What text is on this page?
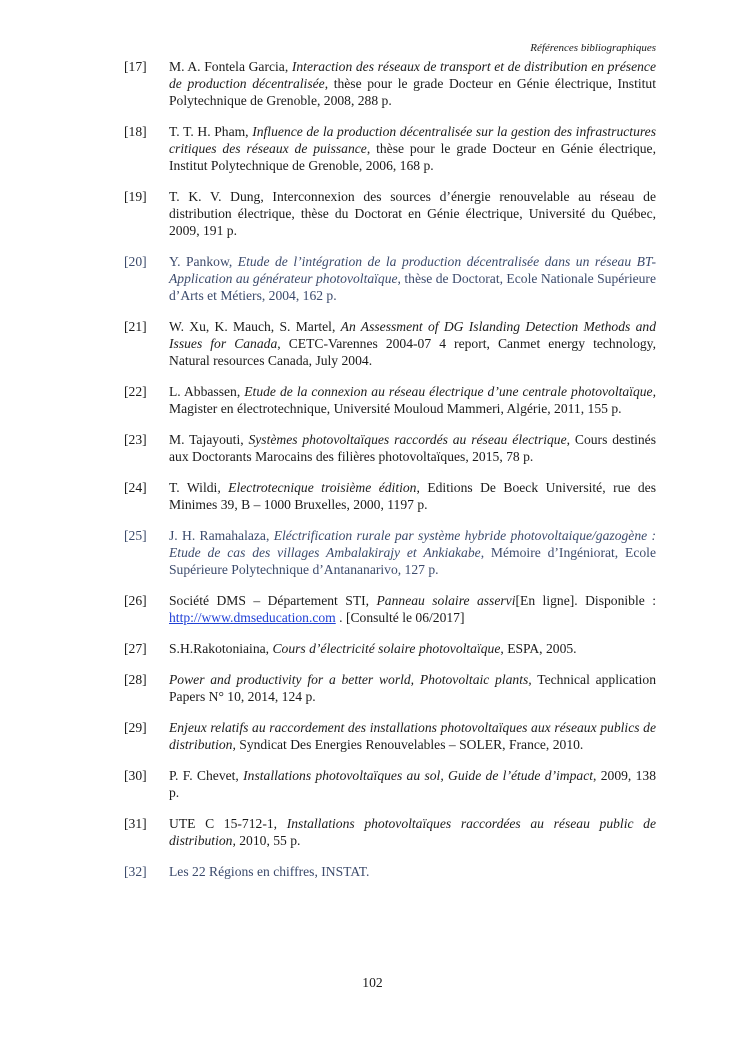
Références bibliographiques
[17] M. A. Fontela Garcia, Interaction des réseaux de transport et de distribution en présence de production décentralisée, thèse pour le grade Docteur en Génie électrique, Institut Polytechnique de Grenoble, 2008, 288 p.
[18] T. T. H. Pham, Influence de la production décentralisée sur la gestion des infrastructures critiques des réseaux de puissance, thèse pour le grade Docteur en Génie électrique, Institut Polytechnique de Grenoble, 2006, 168 p.
[19] T. K. V. Dung, Interconnexion des sources d’énergie renouvelable au réseau de distribution électrique, thèse du Doctorat en Génie électrique, Université du Québec, 2009, 191 p.
[20] Y. Pankow, Etude de l’intégration de la production décentralisée dans un réseau BT-Application au générateur photovoltaïque, thèse de Doctorat, Ecole Nationale Supérieure d’Arts et Métiers, 2004, 162 p.
[21] W. Xu, K. Mauch, S. Martel, An Assessment of DG Islanding Detection Methods and Issues for Canada, CETC-Varennes 2004-07 4 report, Canmet energy technology, Natural resources Canada, July 2004.
[22] L. Abbassen, Etude de la connexion au réseau électrique d’une centrale photovoltaïque, Magister en électrotechnique, Université Mouloud Mammeri, Algérie, 2011, 155 p.
[23] M. Tajayouti, Systèmes photovoltaïques raccordés au réseau électrique, Cours destinés aux Doctorants Marocains des filières photovoltaïques, 2015, 78 p.
[24] T. Wildi, Electrotecnique troisième édition, Editions De Boeck Université, rue des Minimes 39, B – 1000 Bruxelles, 2000, 1197 p.
[25] J. H. Ramahalaza, Eléctrification rurale par système hybride photovoltaique/gazogène : Etude de cas des villages Ambalakirajy et Ankiakabe, Mémoire d’Ingéniorat, Ecole Supérieure Polytechnique d’Antananarivo, 127 p.
[26] Société DMS – Département STI, Panneau solaire asservi[En ligne]. Disponible : http://www.dmseducation.com . [Consulté le 06/2017]
[27] S.H.Rakotoniaina, Cours d’électricité solaire photovoltaïque, ESPA, 2005.
[28] Power and productivity for a better world, Photovoltaic plants, Technical application Papers N° 10, 2014, 124 p.
[29] Enjeux relatifs au raccordement des installations photovoltaïques aux réseaux publics de distribution, Syndicat Des Energies Renouvelables – SOLER, France, 2010.
[30] P. F. Chevet, Installations photovoltaïques au sol, Guide de l’étude d’impact, 2009, 138 p.
[31] UTE C 15-712-1, Installations photovoltaïques raccordées au réseau public de distribution, 2010, 55 p.
[32] Les 22 Régions en chiffres, INSTAT.
102
